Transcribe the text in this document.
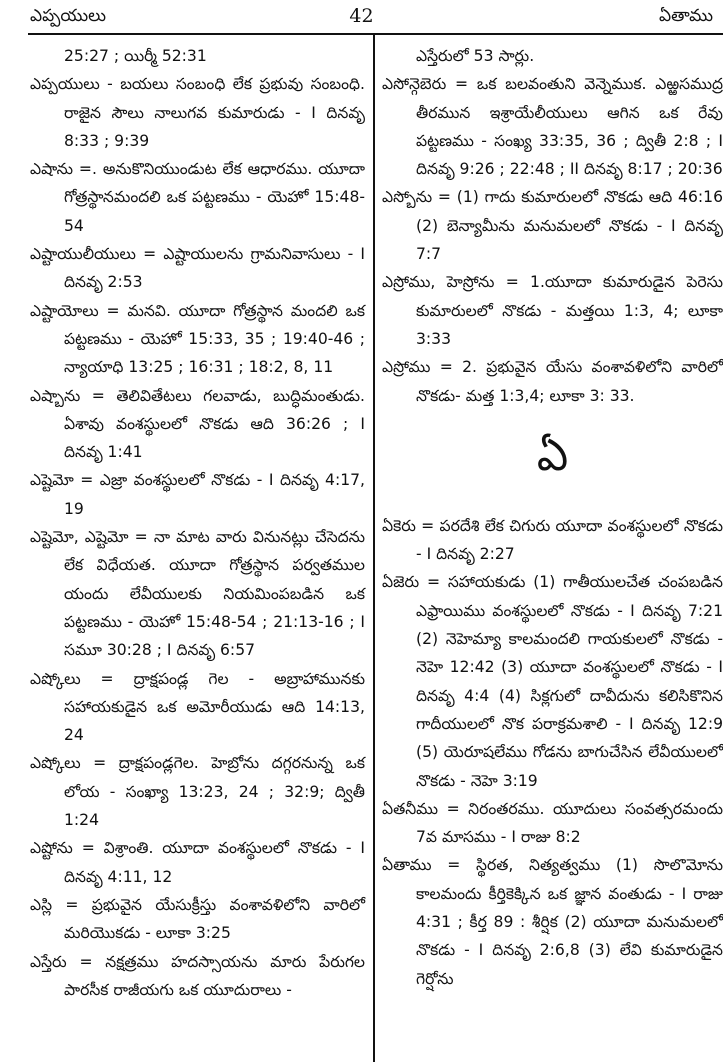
ఎప్పయులు	42	ఏతాము
25:27 ; యిర్మీ 52:31
ఎప్పయులు - బయలు సంబంధి లేక ప్రభువు సంబంధి. రాజైన సౌలు నాలుగవ కుమారుడు - I దినవృ 8:33 ; 9:39
ఎషాను =. అనుకొనియుండుట లేక ఆధారము. యూదా గోత్రస్థానమందలి ఒక పట్టణము - యెహో 15:48-54
ఎష్టాయులీయులు = ఎష్టాయులను గ్రామనివాసులు - I దినవృ 2:53
ఎష్టాయోలు = మనవి. యూదా గోత్రస్థాన మందలి ఒక పట్టణము - యెహో 15:33, 35 ; 19:40-46 ; న్యాయాధి 13:25 ; 16:31 ; 18:2, 8, 11
ఎష్బాను = తెలివితేటలు గలవాడు, బుద్ధిమంతుడు. ఏశావు వంశస్థులలో నొకడు ఆది 36:26 ; I దినవృ 1:41
ఎష్టెమో = ఎజ్రా వంశస్థులలో నొకడు - I దినవృ 4:17, 19
ఎష్టెమో, ఎష్టెమో = నా మాట వారు వినునట్లు చేసెదను లేక విధేయత. యూదా గోత్రస్థాన పర్వతముల యందు లేవీయులకు నియమింపబడిన ఒక పట్టణము - యెహో 15:48-54 ; 21:13-16 ; I సమూ 30:28 ; I దినవృ 6:57
ఎష్కోలు = ద్రాక్షపండ్ల గెల - అబ్రాహామునకు సహాయకుడైన ఒక అమోరీయుడు ఆది 14:13, 24
ఎష్కోలు = ద్రాక్షపండ్లగెల. హెబ్రోను దగ్గరనున్న ఒక లోయ - సంఖ్యా 13:23, 24 ; 32:9; ద్వితీ 1:24
ఎష్టోను = విశ్రాంతి. యూదా వంశస్థులలో నొకడు - I దినవృ 4:11, 12
ఎస్లి = ప్రభువైన యేసుక్రీస్తు వంశావళిలోని వారిలో మరియొకడు - లూకా 3:25
ఎస్తేరు = నక్షత్రము హదస్సాయను మారు పేరుగల పారసీక రాజీయగు ఒక యూదురాలు -
ఎస్తేరులో 53 సార్లు.
ఎసోన్గెబెరు = ఒక బలవంతుని వెన్నెముక. ఎఱ్ఱసముద్ర తీరమున ఇశ్రాయేలీయులు ఆగిన ఒక రేవు పట్టణము - సంఖ్య 33:35, 36 ; ద్వితీ 2:8 ; I దినవృ 9:26 ; 22:48 ; II దినవృ 8:17 ; 20:36
ఎస్బోను = (1) గాదు కుమారులలో నొకడు ఆది 46:16 (2) బెన్యామీను మనుమలలో నొకడు - I దినవృ 7:7
ఎస్రోము, హెస్రోను = 1.యూదా కుమారుడైన పెరెసు కుమారులలో నొకడు - మత్తయి 1:3, 4; లూకా 3:33
ఎస్రోము = 2. ప్రభువైన యేసు వంశావళిలోని వారిలో నొకడు- మత్త 1:3,4; లూకా 3: 33.
ఏ
ఏకెరు = పరదేశి లేక చిగురు యూదా వంశస్థులలో నొకడు - I దినవృ 2:27
ఏజెరు = సహాయకుడు (1) గాతీయులచేత చంపబడిన ఎఫ్రాయిము వంశస్థులలో నొకడు - I దినవృ 7:21 (2) నెహెమ్యా కాలమందలి గాయకులలో నొకడు - నెహె 12:42 (3) యూదా వంశస్థులలో నొకడు - I దినవృ 4:4 (4) సిక్లగులో దావీదును కలిసికొనిన గాదీయులలో నొక పరాక్రమశాలి - I దినవృ 12:9 (5) యెరూషలేము గోడను బాగుచేసిన లేవీయులలో నొకడు - నెహె 3:19
ఏతనీము = నిరంతరము. యూదులు సంవత్సరమందు 7వ మాసము - I రాజు 8:2
ఏతాము = స్థిరత, నిత్యత్వము (1) సొలొమోను కాలమందు కీర్తికెక్కిన ఒక జ్ఞాన వంతుడు - I రాజు 4:31 ; కీర్త 89 : శీర్షిక (2) యూదా మనుమలలో నొకడు - I దినవృ 2:6,8 (3) లేవి కుమారుడైన గెర్షోను
